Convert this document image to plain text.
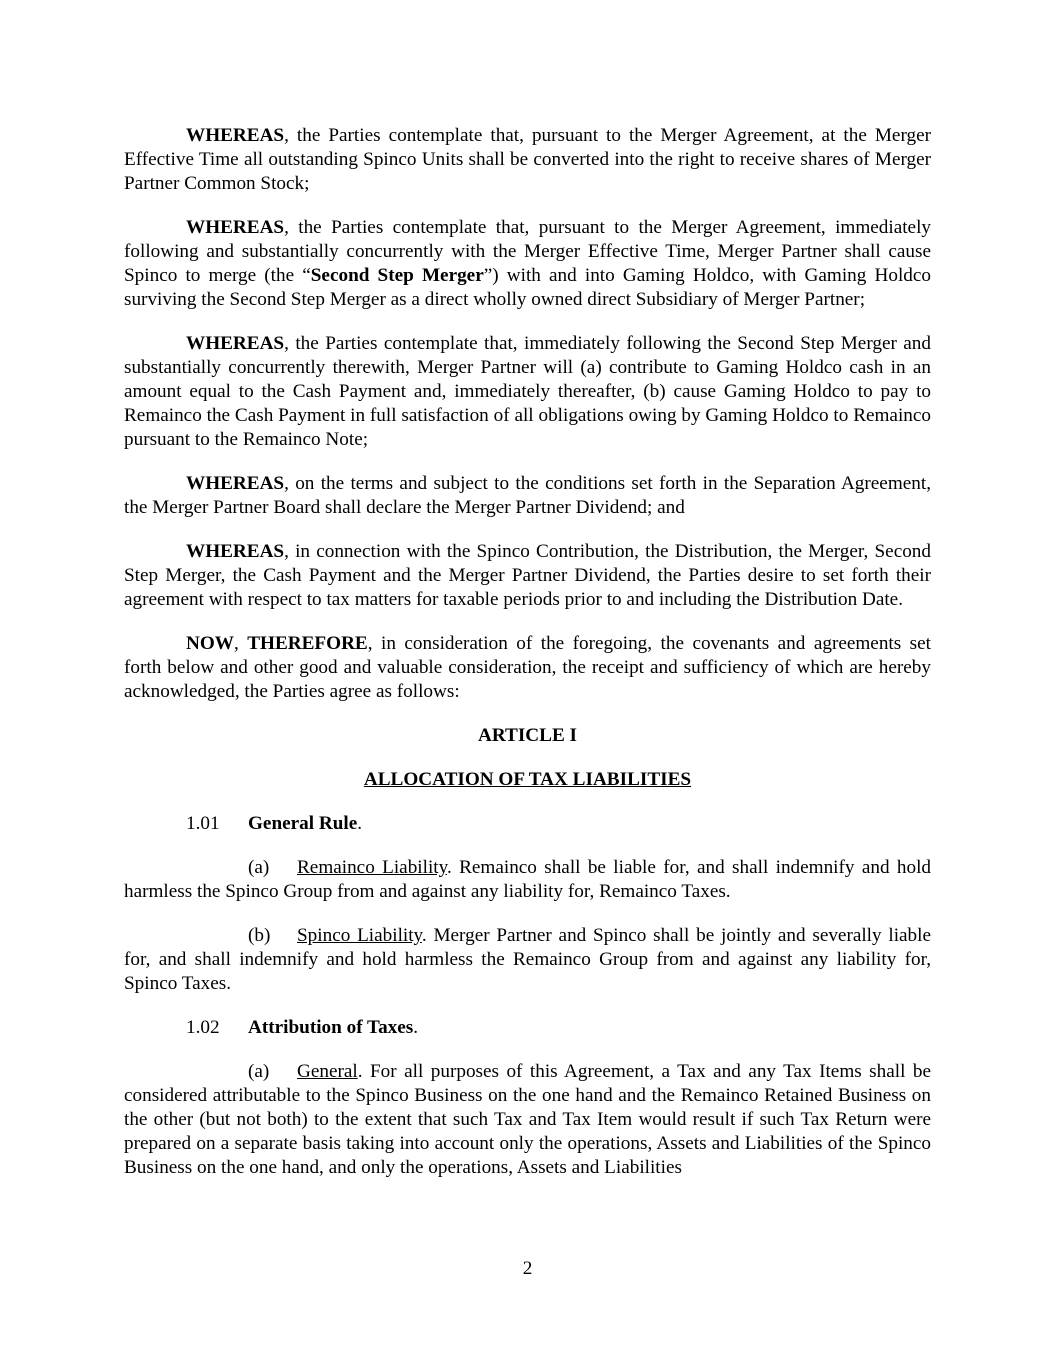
WHEREAS, the Parties contemplate that, pursuant to the Merger Agreement, at the Merger Effective Time all outstanding Spinco Units shall be converted into the right to receive shares of Merger Partner Common Stock;

WHEREAS, the Parties contemplate that, pursuant to the Merger Agreement, immediately following and substantially concurrently with the Merger Effective Time, Merger Partner shall cause Spinco to merge (the “Second Step Merger”) with and into Gaming Holdco, with Gaming Holdco surviving the Second Step Merger as a direct wholly owned direct Subsidiary of Merger Partner;

WHEREAS, the Parties contemplate that, immediately following the Second Step Merger and substantially concurrently therewith, Merger Partner will (a) contribute to Gaming Holdco cash in an amount equal to the Cash Payment and, immediately thereafter, (b) cause Gaming Holdco to pay to Remainco the Cash Payment in full satisfaction of all obligations owing by Gaming Holdco to Remainco pursuant to the Remainco Note;

WHEREAS, on the terms and subject to the conditions set forth in the Separation Agreement, the Merger Partner Board shall declare the Merger Partner Dividend; and

WHEREAS, in connection with the Spinco Contribution, the Distribution, the Merger, Second Step Merger, the Cash Payment and the Merger Partner Dividend, the Parties desire to set forth their agreement with respect to tax matters for taxable periods prior to and including the Distribution Date.

NOW, THEREFORE, in consideration of the foregoing, the covenants and agreements set forth below and other good and valuable consideration, the receipt and sufficiency of which are hereby acknowledged, the Parties agree as follows:

ARTICLE I

ALLOCATION OF TAX LIABILITIES

1.01 General Rule.

(a) Remainco Liability. Remainco shall be liable for, and shall indemnify and hold harmless the Spinco Group from and against any liability for, Remainco Taxes.

(b) Spinco Liability. Merger Partner and Spinco shall be jointly and severally liable for, and shall indemnify and hold harmless the Remainco Group from and against any liability for, Spinco Taxes.

1.02 Attribution of Taxes.

(a) General. For all purposes of this Agreement, a Tax and any Tax Items shall be considered attributable to the Spinco Business on the one hand and the Remainco Retained Business on the other (but not both) to the extent that such Tax and Tax Item would result if such Tax Return were prepared on a separate basis taking into account only the operations, Assets and Liabilities of the Spinco Business on the one hand, and only the operations, Assets and Liabilities

2
